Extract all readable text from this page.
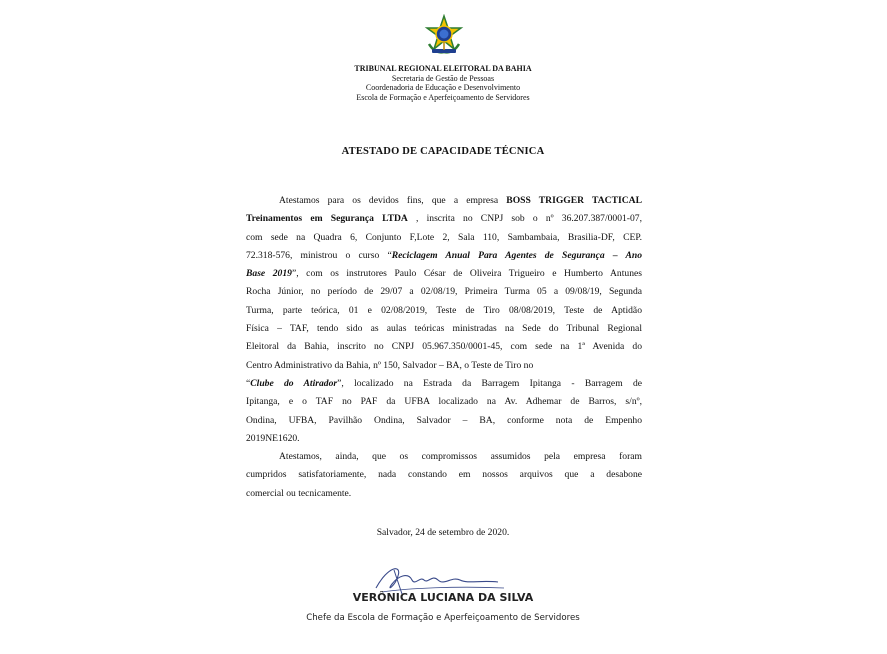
TRIBUNAL REGIONAL ELEITORAL DA BAHIA
Secretaria de Gestão de Pessoas
Coordenadoria de Educação e Desenvolvimento
Escola de Formação e Aperfeiçoamento de Servidores
ATESTADO DE CAPACIDADE TÉCNICA
Atestamos para os devidos fins, que a empresa BOSS TRIGGER TACTICAL
Treinamentos em Segurança LTDA , inscrita no CNPJ sob o nº 36.207.387/0001-07,
com sede na Quadra 6, Conjunto F,Lote 2, Sala 110, Sambambaia, Brasilia-DF, CEP.
72.318-576, ministrou o curso “Reciclagem Anual Para Agentes de Segurança – Ano
Base 2019”, com os instrutores Paulo César de Oliveira Trigueiro e Humberto Antunes
Rocha Júnior, no período de 29/07 a 02/08/19, Primeira Turma 05 a 09/08/19, Segunda
Turma, parte teórica, 01 e 02/08/2019, Teste de Tiro 08/08/2019, Teste de Aptidão
Física – TAF, tendo sido as aulas teóricas ministradas na Sede do Tribunal Regional
Eleitoral da Bahia, inscrito no CNPJ 05.967.350/0001-45, com sede na 1ª Avenida do
Centro Administrativo da Bahia, nº 150, Salvador – BA, o Teste de Tiro no
“Clube do Atirador”, localizado na Estrada da Barragem Ipitanga - Barragem de
Ipitanga, e o TAF no PAF da UFBA localizado na Av. Adhemar de Barros, s/nº,
Ondina, UFBA, Pavilhão Ondina, Salvador – BA, conforme nota de Empenho
2019NE1620.
Atestamos, ainda, que os compromissos assumidos pela empresa foram
cumpridos satisfatoriamente, nada constando em nossos arquivos que a desabone
comercial ou tecnicamente.
Salvador, 24 de setembro de 2020.
VERÔNICA LUCIANA DA SILVA
Chefe da Escola de Formação e Aperfeiçoamento de Servidores
